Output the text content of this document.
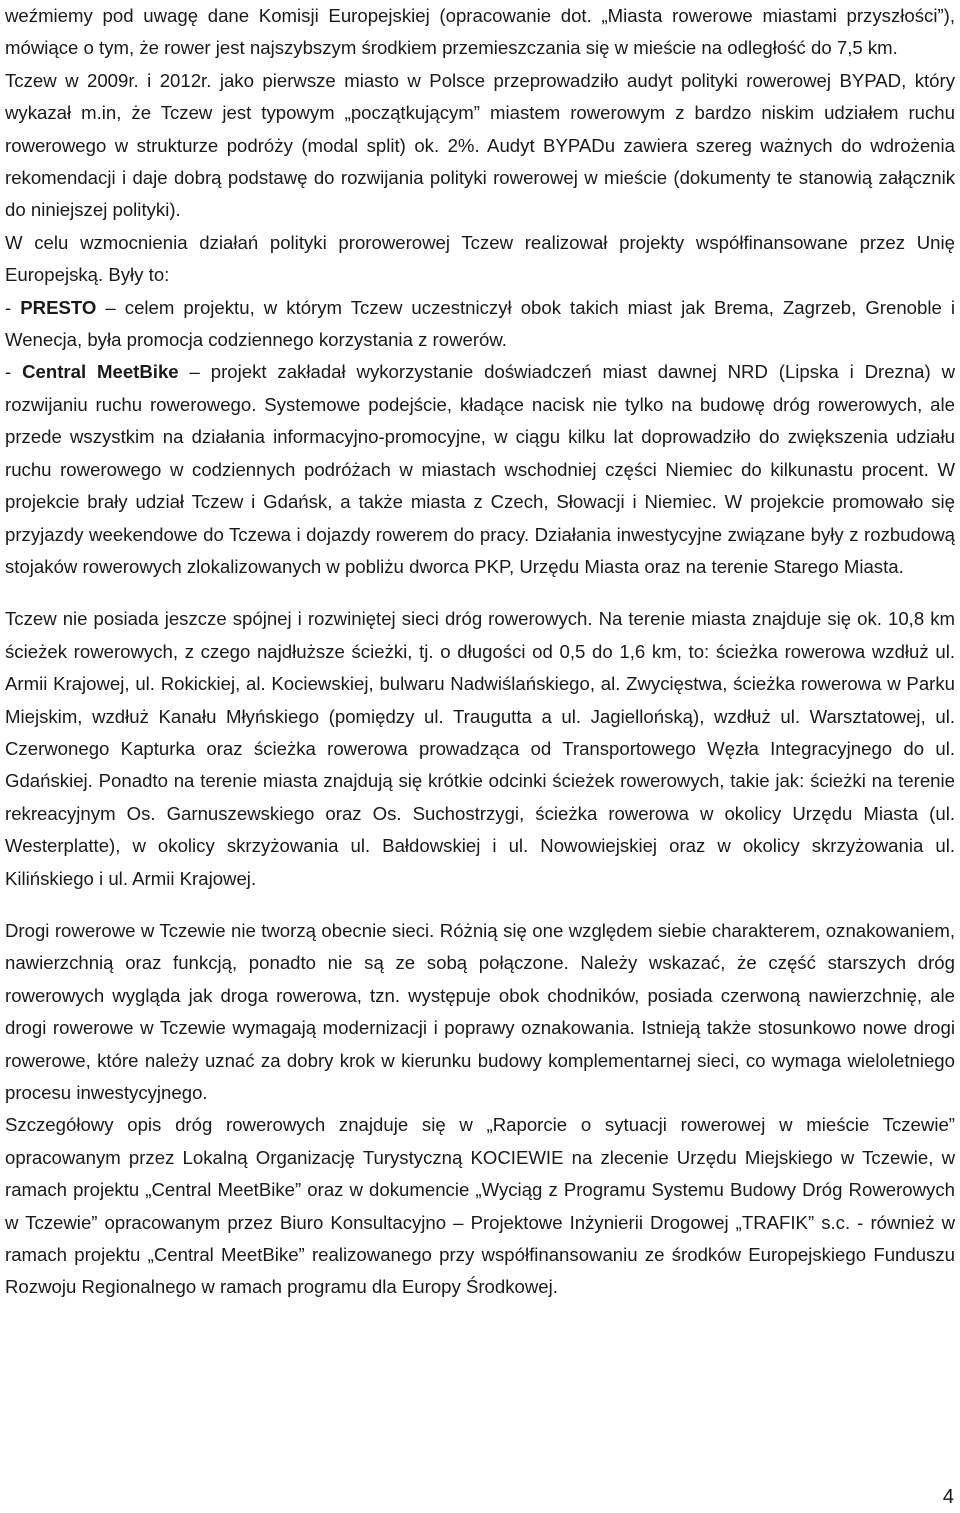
weźmiemy pod uwagę dane Komisji Europejskiej (opracowanie dot. „Miasta rowerowe miastami przyszłości”), mówiące o tym, że rower jest najszybszym środkiem przemieszczania się w mieście na odległość do 7,5 km.

Tczew w 2009r. i 2012r. jako pierwsze miasto w Polsce przeprowadziło audyt polityki rowerowej BYPAD, który wykazał m.in, że Tczew jest typowym „początkującym” miastem rowerowym z bardzo niskim udziałem ruchu rowerowego w strukturze podróży (modal split) ok. 2%. Audyt BYPADu zawiera szereg ważnych do wdrożenia rekomendacji i daje dobrą podstawę do rozwijania polityki rowerowej w mieście (dokumenty te stanowią załącznik do niniejszej polityki).

W celu wzmocnienia działań polityki prorowerowej Tczew realizował projekty współfinansowane przez Unię Europejską. Były to:

- PRESTO – celem projektu, w którym Tczew uczestniczył obok takich miast jak Brema, Zagrzeb, Grenoble i Wenecja, była promocja codziennego korzystania z rowerów.

- Central MeetBike – projekt zakładał wykorzystanie doświadczeń miast dawnej NRD (Lipska i Drezna) w rozwijaniu ruchu rowerowego. Systemowe podejście, kładące nacisk nie tylko na budowę dróg rowerowych, ale przede wszystkim na działania informacyjno-promocyjne, w ciągu kilku lat doprowadziło do zwiększenia udziału ruchu rowerowego w codziennych podróżach w miastach wschodniej części Niemiec do kilkunastu procent. W projekcie brały udział Tczew i Gdańsk, a także miasta z Czech, Słowacji i Niemiec. W projekcie promowało się przyjazdy weekendowe do Tczewa i dojazdy rowerem do pracy. Działania inwestycyjne związane były z rozbudową stojaków rowerowych zlokalizowanych w pobliżu dworca PKP, Urzędu Miasta oraz na terenie Starego Miasta.

Tczew nie posiada jeszcze spójnej i rozwiniętej sieci dróg rowerowych. Na terenie miasta znajduje się ok. 10,8 km ścieżek rowerowych, z czego najdłuższe ścieżki, tj. o długości od 0,5 do 1,6 km, to: ścieżka rowerowa wzdłuż ul. Armii Krajowej, ul. Rokickiej, al. Kociewskiej, bulwaru Nadwiślańskiego, al. Zwycięstwa, ścieżka rowerowa w Parku Miejskim, wzdłuż Kanału Młyńskiego (pomiędzy ul. Traugutta a ul. Jagiellońską), wzdłuż ul. Warsztatowej, ul. Czerwonego Kapturka oraz ścieżka rowerowa prowadząca od Transportowego Węzła Integracyjnego do ul. Gdańskiej. Ponadto na terenie miasta znajdują się krótkie odcinki ścieżek rowerowych, takie jak: ścieżki na terenie rekreacyjnym Os. Garnuszewskiego oraz Os. Suchostrzygi, ścieżka rowerowa w okolicy Urzędu Miasta (ul. Westerplatte), w okolicy skrzyżowania ul. Bałdowskiej i ul. Nowowiejskiej oraz w okolicy skrzyżowania ul. Kilińskiego i ul. Armii Krajowej.

Drogi rowerowe w Tczewie nie tworzą obecnie sieci. Różnią się one względem siebie charakterem, oznakowaniem, nawierzchnią oraz funkcją, ponadto nie są ze sobą połączone. Należy wskazać, że część starszych dróg rowerowych wygląda jak droga rowerowa, tzn. występuje obok chodników, posiada czerwoną nawierzchnię, ale drogi rowerowe w Tczewie wymagają modernizacji i poprawy oznakowania. Istnieją także stosunkowo nowe drogi rowerowe, które należy uznać za dobry krok w kierunku budowy komplementarnej sieci, co wymaga wieloletniego procesu inwestycyjnego.

Szczegółowy opis dróg rowerowych znajduje się w „Raporcie o sytuacji rowerowej w mieście Tczewie” opracowanym przez Lokalną Organizację Turystyczną KOCIEWIE na zlecenie Urzędu Miejskiego w Tczewie, w ramach projektu „Central MeetBike” oraz w dokumencie „Wyciąg z Programu Systemu Budowy Dróg Rowerowych w Tczewie” opracowanym przez Biuro Konsultacyjno – Projektowe Inżynierii Drogowej „TRAFIK” s.c. - również w ramach projektu „Central MeetBike” realizowanego przy współfinansowaniu ze środków Europejskiego Funduszu Rozwoju Regionalnego w ramach programu dla Europy Środkowej.

4
